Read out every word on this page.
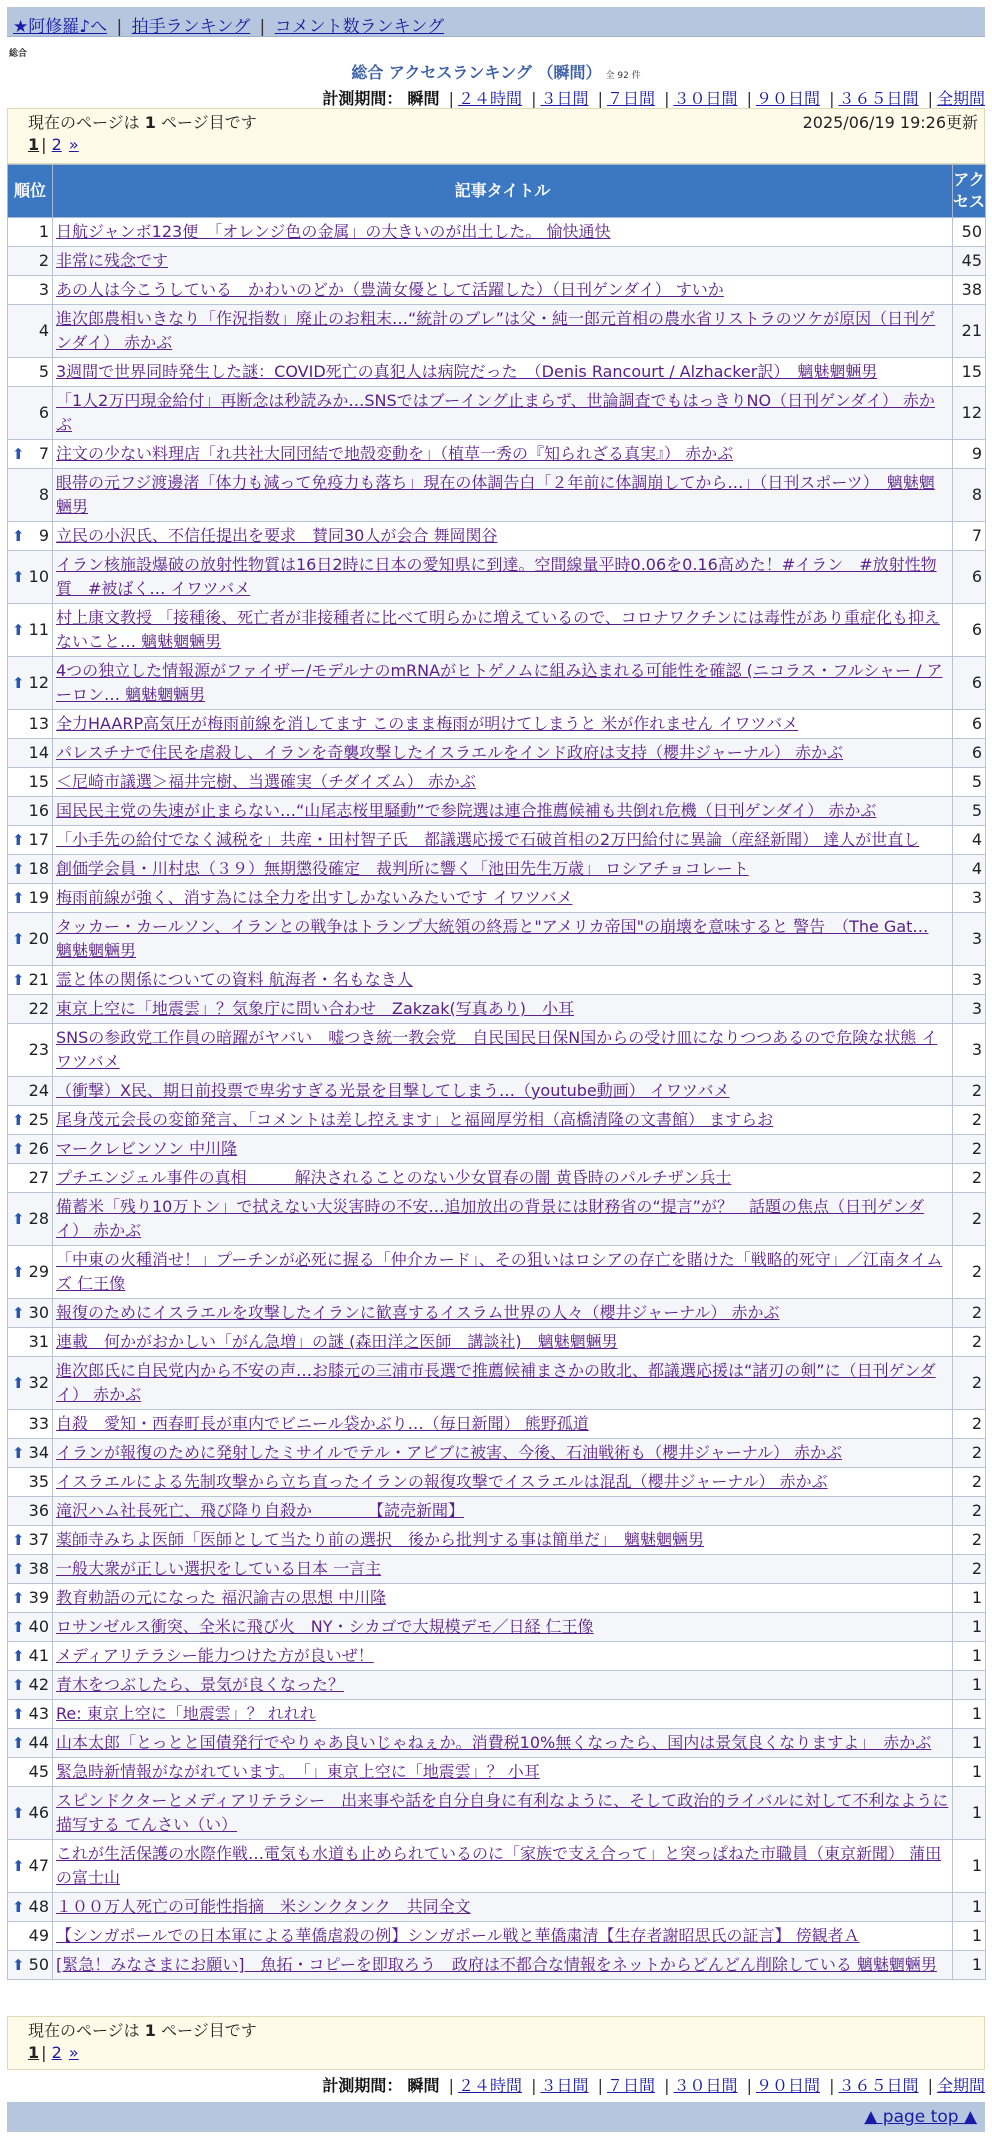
★阿修羅♪へ | 拍手ランキング | コメント数ランキング
総合
総合 アクセスランキング （瞬間） 全 92 件
計測期間： 瞬間 | ２４時間 | ３日間 | ７日間 | ３０日間 | ９０日間 | ３６５日間 | 全期間
現在のページは 1 ページ目です	2025/06/19 19:26更新
1 | 2 »
順位	記事タイトル	アクセス
1	日航ジャンボ123便　「オレンジ色の金属」の大きいのが出土した。 愉快通快	50
2	非常に残念です	45
3	あの人は今こうしている　かわいのどか（豊満女優として活躍した）（日刊ゲンダイ） すいか	38
4	進次郎農相いきなり「作況指数」廃止のお粗末…“統計のブレ”は父・純一郎元首相の農水省リストラのツケが原因（日刊ゲンダイ） 赤かぶ	21
5	3週間で世界同時発生した謎：COVID死亡の真犯人は病院だった　（Denis Rancourt / Alzhacker訳）　魑魅魍魎男	15
6	「1人2万円現金給付」再断念は秒読みか…SNSではブーイング止まらず、世論調査でもはっきりNO（日刊ゲンダイ） 赤かぶ	12

⬆ 7	注文の少ない料理店「れ共社大同団結で地殻変動を」（植草一秀の『知られざる真実』） 赤かぶ	9
8	眼帯の元フジ渡邊渚「体力も減って免疫力も落ち」現在の体調告白「２年前に体調崩してから…」（日刊スポーツ）　魑魅魍魎男	8

⬆ 9	立民の小沢氏、不信任提出を要求　賛同30人が会合 舞岡関谷	7

⬆ 10	イラン核施設爆破の放射性物質は16日2時に日本の愛知県に到達。空間線量平時0.06を0.16高めた！#イラン　#放射性物質　#被ばく… イワツバメ	6

⬆ 11	村上康文教授 「接種後、死亡者が非接種者に比べて明らかに増えているので、コロナワクチンには毒性があり重症化も抑えないこと… 魑魅魍魎男	6

⬆ 12	4つの独立した情報源がファイザー/モデルナのmRNAがヒトゲノムに組み込まれる可能性を確認 (ニコラス・フルシャー / アーロン… 魑魅魍魎男	6
13	全力HAARP高気圧が梅雨前線を消してます このまま梅雨が明けてしまうと 米が作れません イワツバメ	6
14	パレスチナで住民を虐殺し、イランを奇襲攻撃したイスラエルをインド政府は支持（櫻井ジャーナル） 赤かぶ	6
15	＜尼崎市議選＞福井完樹、当選確実（チダイズム） 赤かぶ	5
16	国民民主党の失速が止まらない…“山尾志桜里騒動”で参院選は連合推薦候補も共倒れ危機（日刊ゲンダイ） 赤かぶ	5

⬆ 17	「小手先の給付でなく減税を」共産・田村智子氏　都議選応援で石破首相の2万円給付に異論（産経新聞） 達人が世直し	4

⬆ 18	創価学会員・川村忠（３９）無期懲役確定　裁判所に響く「池田先生万歳」 ロシアチョコレート	4

⬆ 19	梅雨前線が強く、消す為には全力を出すしかないみたいです イワツバメ	3

⬆ 20	タッカー・カールソン、イランとの戦争はトランプ大統領の終焉と"アメリカ帝国"の崩壊を意味すると 警告　（The Gat… 魑魅魍魎男	3

⬆ 21	霊と体の関係についての資料 航海者・名もなき人	3
22	東京上空に「地震雲」？気象庁に問い合わせ　Zakzak(写真あり)　小耳	3
23	SNSの参政党工作員の暗躍がヤバい　嘘つき統一教会党　自民国民日保N国からの受け皿になりつつあるので危険な状態 イワツバメ	3
24	（衝撃）X民、期日前投票で卑劣すぎる光景を目撃してしまう…（youtube動画） イワツバメ	2

⬆ 25	尾身茂元会長の変節発言、「コメントは差し控えます」と福岡厚労相（高橋清隆の文書館） ますらお	2

⬆ 26	マークレビンソン 中川隆	2
27	プチエンジェル事件の真相　　　解決されることのない少女買春の闇 黄昏時のパルチザン兵士	2

⬆ 28	備蓄米「残り10万トン」で拭えない大災害時の不安…追加放出の背景には財務省の“提言”が？　話題の焦点（日刊ゲンダイ） 赤かぶ	2

⬆ 29	「中東の火種消せ！」プーチンが必死に握る「仲介カード」、その狙いはロシアの存亡を賭けた「戦略的死守」／江南タイムズ 仁王像	2

⬆ 30	報復のためにイスラエルを攻撃したイランに歓喜するイスラム世界の人々（櫻井ジャーナル） 赤かぶ	2
31	連載　何かがおかしい「がん急増」の謎 (森田洋之医師　講談社)　魑魅魍魎男	2

⬆ 32	進次郎氏に自民党内から不安の声…お膝元の三浦市長選で推薦候補まさかの敗北、都議選応援は“諸刃の剣”に（日刊ゲンダイ） 赤かぶ	2
33	自殺　愛知・西春町長が車内でビニール袋かぶり…（毎日新聞） 熊野孤道	2

⬆ 34	イランが報復のために発射したミサイルでテル・アビブに被害、今後、石油戦術も（櫻井ジャーナル） 赤かぶ	2
35	イスラエルによる先制攻撃から立ち直ったイランの報復攻撃でイスラエルは混乱（櫻井ジャーナル） 赤かぶ	2
36	滝沢ハム社長死亡、飛び降り自殺か　　　　【読売新聞】	2

⬆ 37	薬師寺みちよ医師「医師として当たり前の選択　後から批判する事は簡単だ」　魑魅魍魎男	2

⬆ 38	一般大衆が正しい選択をしている日本 一言主	2

⬆ 39	教育勅語の元になった 福沢諭吉の思想 中川隆	1

⬆ 40	ロサンゼルス衝突、全米に飛び火　NY・シカゴで大規模デモ／日経 仁王像	1

⬆ 41	メディアリテラシー能力つけた方が良いぜ！	1

⬆ 42	青木をつぶしたら、景気が良くなった？	1

⬆ 43	Re: 東京上空に「地震雲」？ れれれ	1

⬆ 44	山本太郎「とっとと国債発行でやりゃあ良いじゃねぇか。消費税10%無くなったら、国内は景気良くなりますよ」　赤かぶ	1
45	緊急時新情報がながれています。　「」東京上空に「地震雲」？ 小耳	1

⬆ 46	スピンドクターとメディアリテラシー　出来事や話を自分自身に有利なように、そして政治的ライバルに対して不利なように描写する てんさい（い）	1

⬆ 47	これが生活保護の水際作戦…電気も水道も止められているのに「家族で支え合って」と突っぱねた市職員（東京新聞） 蒲田の富士山	1

⬆ 48	１００万人死亡の可能性指摘　米シンクタンク　共同全文	1
49	【シンガポールでの日本軍による華僑虐殺の例】シンガポール戦と華僑粛清【生存者謝昭思氏の証言】 傍観者Ａ	1

⬆ 50	[緊急！みなさまにお願い]　魚拓・コピーを即取ろう　政府は不都合な情報をネットからどんどん削除している 魑魅魍魎男	1
現在のページは 1 ページ目です
1 | 2 »
計測期間： 瞬間 | ２４時間 | ３日間 | ７日間 | ３０日間 | ９０日間 | ３６５日間 | 全期間
▲ page top ▲
